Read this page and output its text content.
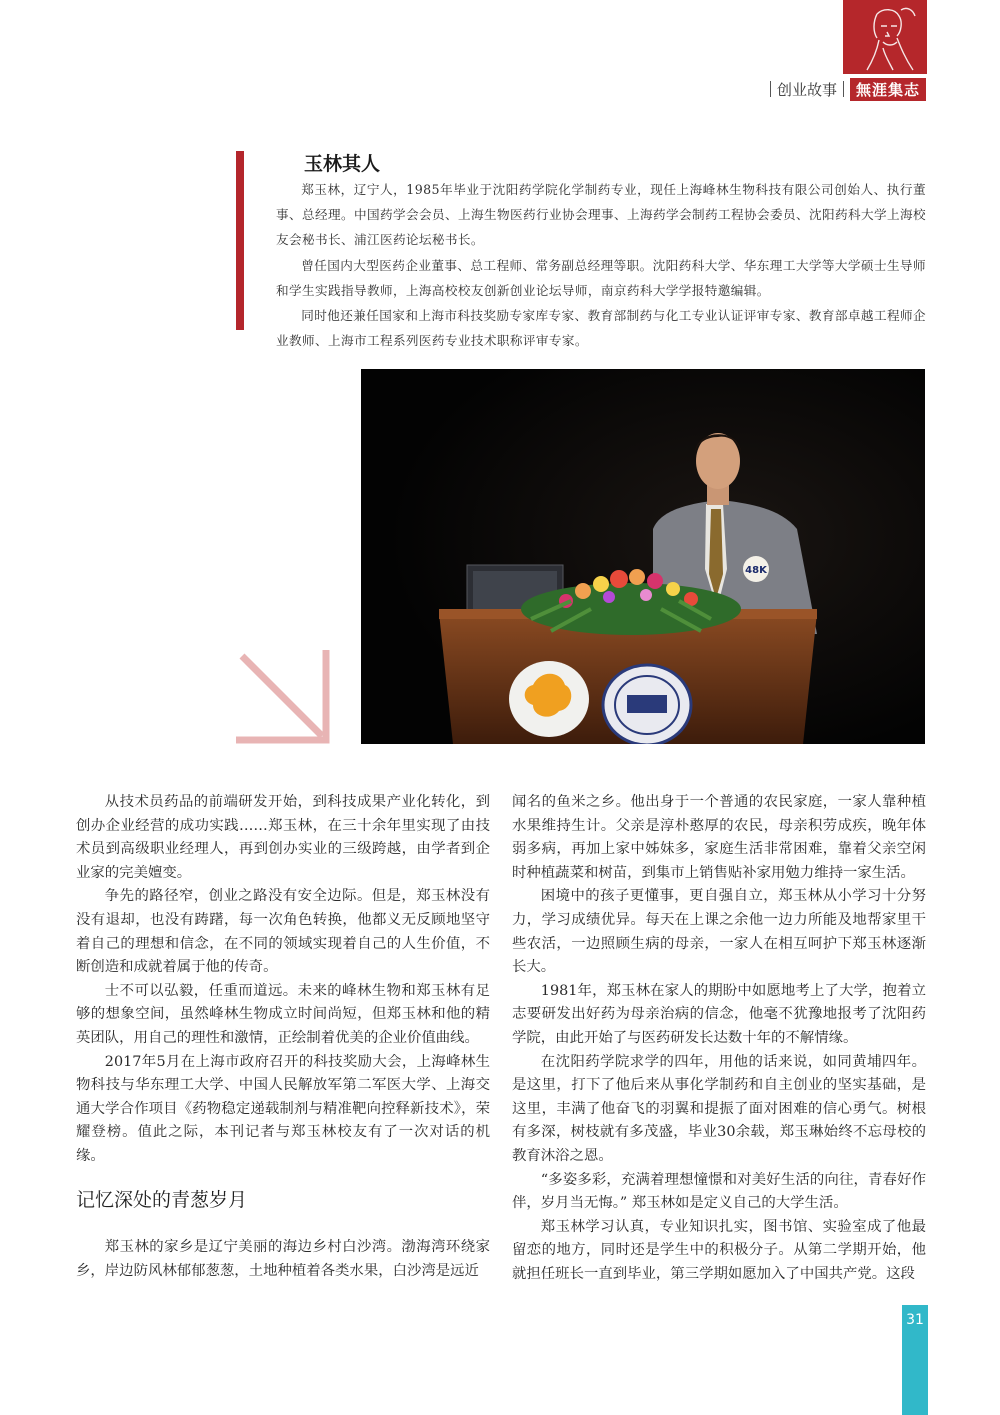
创业故事	無涯集志
玉林其人

郑玉林，辽宁人，1985年毕业于沈阳药学院化学制药专业，现任上海峰林生物科技有限公司创始人、执行董事、总经理。中国药学会会员、上海生物医药行业协会理事、上海药学会制药工程协会委员、沈阳药科大学上海校友会秘书长、浦江医药论坛秘书长。

曾任国内大型医药企业董事、总工程师、常务副总经理等职。沈阳药科大学、华东理工大学等大学硕士生导师和学生实践指导教师，上海高校校友创新创业论坛导师，南京药科大学学报特邀编辑。

同时他还兼任国家和上海市科技奖励专家库专家、教育部制药与化工专业认证评审专家、教育部卓越工程师企业教师、上海市工程系列医药专业技术职称评审专家。

48K

从技术员药品的前端研发开始，到科技成果产业化转化，到创办企业经营的成功实践……郑玉林，在三十余年里实现了由技术员到高级职业经理人，再到创办实业的三级跨越，由学者到企业家的完美嬗变。

争先的路径窄，创业之路没有安全边际。但是，郑玉林没有没有退却，也没有踌躇，每一次角色转换，他都义无反顾地坚守着自己的理想和信念，在不同的领域实现着自己的人生价值，不断创造和成就着属于他的传奇。

士不可以弘毅，任重而道远。未来的峰林生物和郑玉林有足够的想象空间，虽然峰林生物成立时间尚短，但郑玉林和他的精英团队，用自己的理性和激情，正绘制着优美的企业价值曲线。

2017年5月在上海市政府召开的科技奖励大会，上海峰林生物科技与华东理工大学、中国人民解放军第二军医大学、上海交通大学合作项目《药物稳定递载制剂与精准靶向控释新技术》，荣耀登榜。值此之际，本刊记者与郑玉林校友有了一次对话的机缘。

记忆深处的青葱岁月

郑玉林的家乡是辽宁美丽的海边乡村白沙湾。渤海湾环绕家乡，岸边防风林郁郁葱葱，土地种植着各类水果，白沙湾是远近

闻名的鱼米之乡。他出身于一个普通的农民家庭，一家人靠种植水果维持生计。父亲是淳朴憨厚的农民，母亲积劳成疾，晚年体弱多病，再加上家中姊妹多，家庭生活非常困难，靠着父亲空闲时种植蔬菜和树苗，到集市上销售贴补家用勉力维持一家生活。

困境中的孩子更懂事，更自强自立，郑玉林从小学习十分努力，学习成绩优异。每天在上课之余他一边力所能及地帮家里干些农活，一边照顾生病的母亲，一家人在相互呵护下郑玉林逐渐长大。

1981年，郑玉林在家人的期盼中如愿地考上了大学，抱着立志要研发出好药为母亲治病的信念，他毫不犹豫地报考了沈阳药学院，由此开始了与医药研发长达数十年的不解情缘。

在沈阳药学院求学的四年，用他的话来说，如同黄埔四年。是这里，打下了他后来从事化学制药和自主创业的坚实基础，是这里，丰满了他奋飞的羽翼和提振了面对困难的信心勇气。树根有多深，树枝就有多茂盛，毕业30余载，郑玉琳始终不忘母校的教育沐浴之恩。

“多姿多彩，充满着理想憧憬和对美好生活的向往，青春好作伴，岁月当无悔。” 郑玉林如是定义自己的大学生活。

郑玉林学习认真，专业知识扎实，图书馆、实验室成了他最留恋的地方，同时还是学生中的积极分子。从第二学期开始，他就担任班长一直到毕业，第三学期如愿加入了中国共产党。这段

31
